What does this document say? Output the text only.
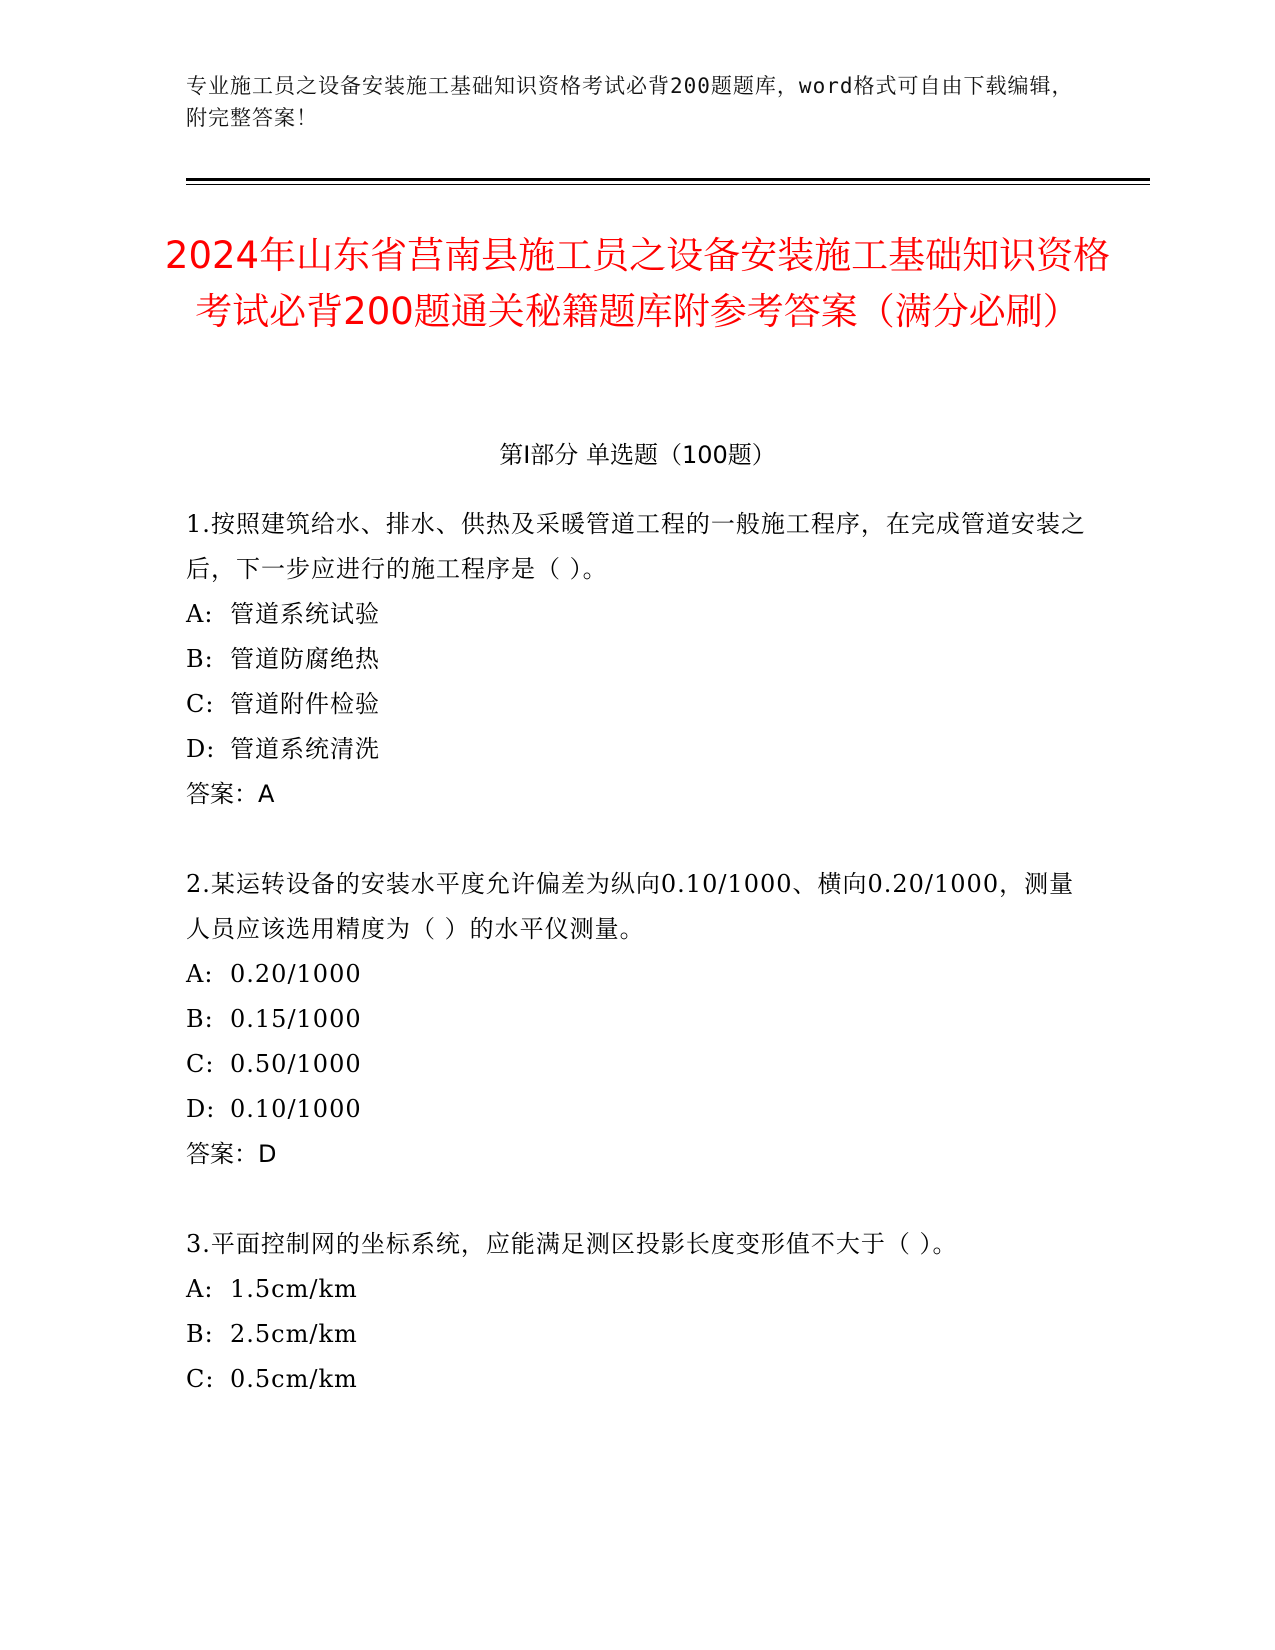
专业施工员之设备安装施工基础知识资格考试必背200题题库，word格式可自由下载编辑，附完整答案！
2024年山东省莒南县施工员之设备安装施工基础知识资格考试必背200题通关秘籍题库附参考答案（满分必刷）
第I部分 单选题（100题）

1.按照建筑给水、排水、供热及采暖管道工程的一般施工程序，在完成管道安装之后，下一步应进行的施工程序是（ ）。

A: 管道系统试验

B: 管道防腐绝热

C: 管道附件检验

D: 管道系统清洗

答案：A

2.某运转设备的安装水平度允许偏差为纵向0.10/1000、横向0.20/1000，测量人员应该选用精度为（ ）的水平仪测量。

A: 0.20/1000

B: 0.15/1000

C: 0.50/1000

D: 0.10/1000

答案：D

3.平面控制网的坐标系统，应能满足测区投影长度变形值不大于（ ）。

A: 1.5cm/km

B: 2.5cm/km

C: 0.5cm/km
